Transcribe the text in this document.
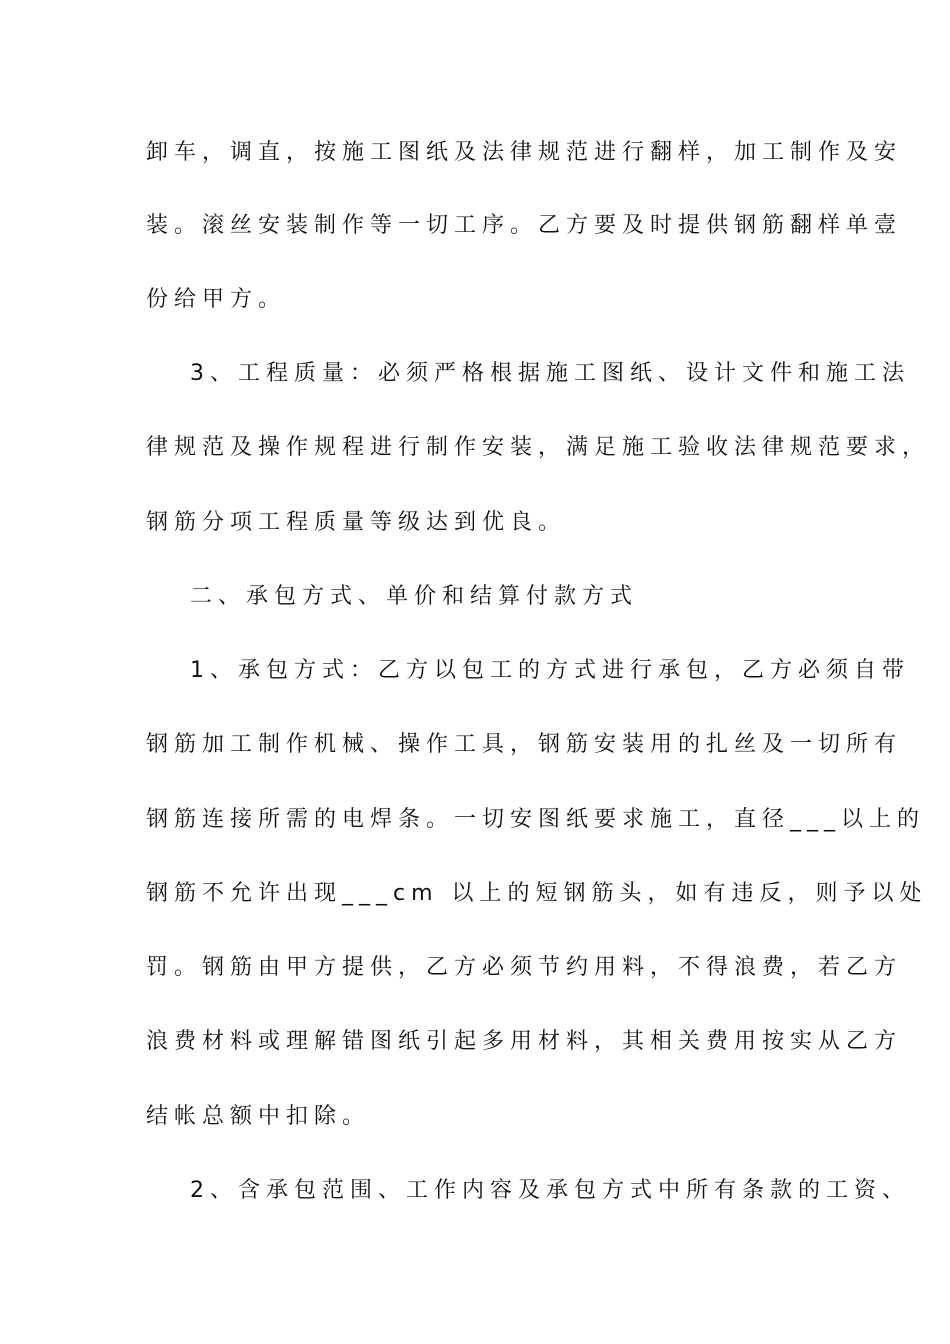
卸车，调直，按施工图纸及法律规范进行翻样，加工制作及安
装。滚丝安装制作等一切工序。乙方要及时提供钢筋翻样单壹
份给甲方。
3、工程质量：必须严格根据施工图纸、设计文件和施工法
律规范及操作规程进行制作安装，满足施工验收法律规范要求，
钢筋分项工程质量等级达到优良。
二、承包方式、单价和结算付款方式
1、承包方式：乙方以包工的方式进行承包，乙方必须自带
钢筋加工制作机械、操作工具，钢筋安装用的扎丝及一切所有
钢筋连接所需的电焊条。一切安图纸要求施工，直径___以上的
钢筋不允许出现___cm 以上的短钢筋头，如有违反，则予以处
罚。钢筋由甲方提供，乙方必须节约用料，不得浪费，若乙方
浪费材料或理解错图纸引起多用材料，其相关费用按实从乙方
结帐总额中扣除。
2、含承包范围、工作内容及承包方式中所有条款的工资、
